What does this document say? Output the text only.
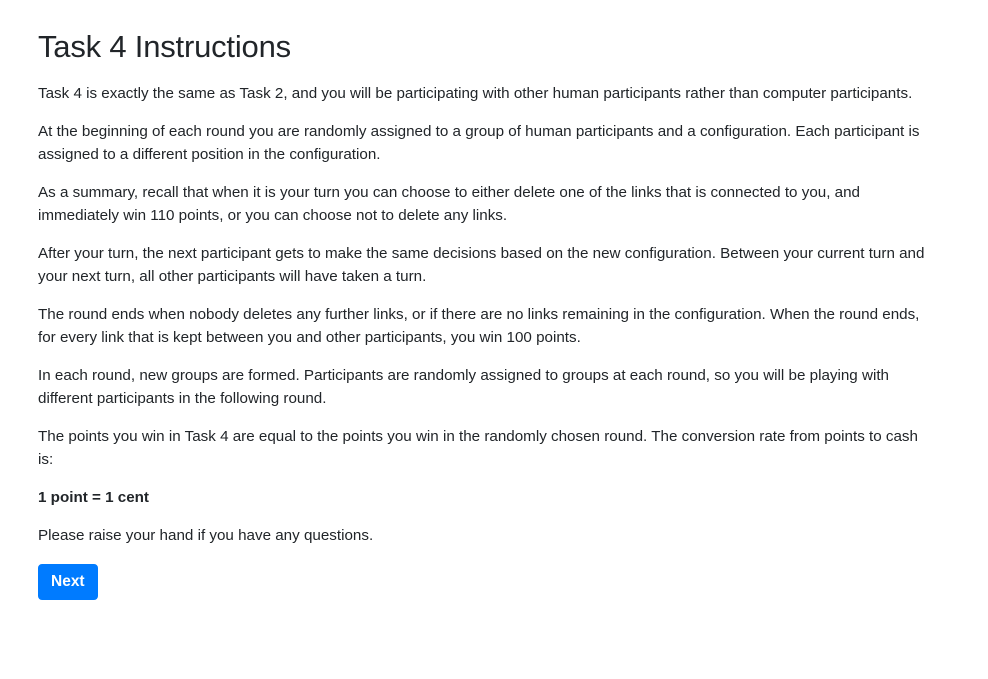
Task 4 Instructions

Task 4 is exactly the same as Task 2, and you will be participating with other human participants rather than computer participants.

At the beginning of each round you are randomly assigned to a group of human participants and a configuration. Each participant is assigned to a different position in the configuration.

As a summary, recall that when it is your turn you can choose to either delete one of the links that is connected to you, and immediately win 110 points, or you can choose not to delete any links.

After your turn, the next participant gets to make the same decisions based on the new configuration. Between your current turn and your next turn, all other participants will have taken a turn.

The round ends when nobody deletes any further links, or if there are no links remaining in the configuration. When the round ends, for every link that is kept between you and other participants, you win 100 points.

In each round, new groups are formed. Participants are randomly assigned to groups at each round, so you will be playing with different participants in the following round.

The points you win in Task 4 are equal to the points you win in the randomly chosen round. The conversion rate from points to cash is:

1 point = 1 cent

Please raise your hand if you have any questions.

Next
